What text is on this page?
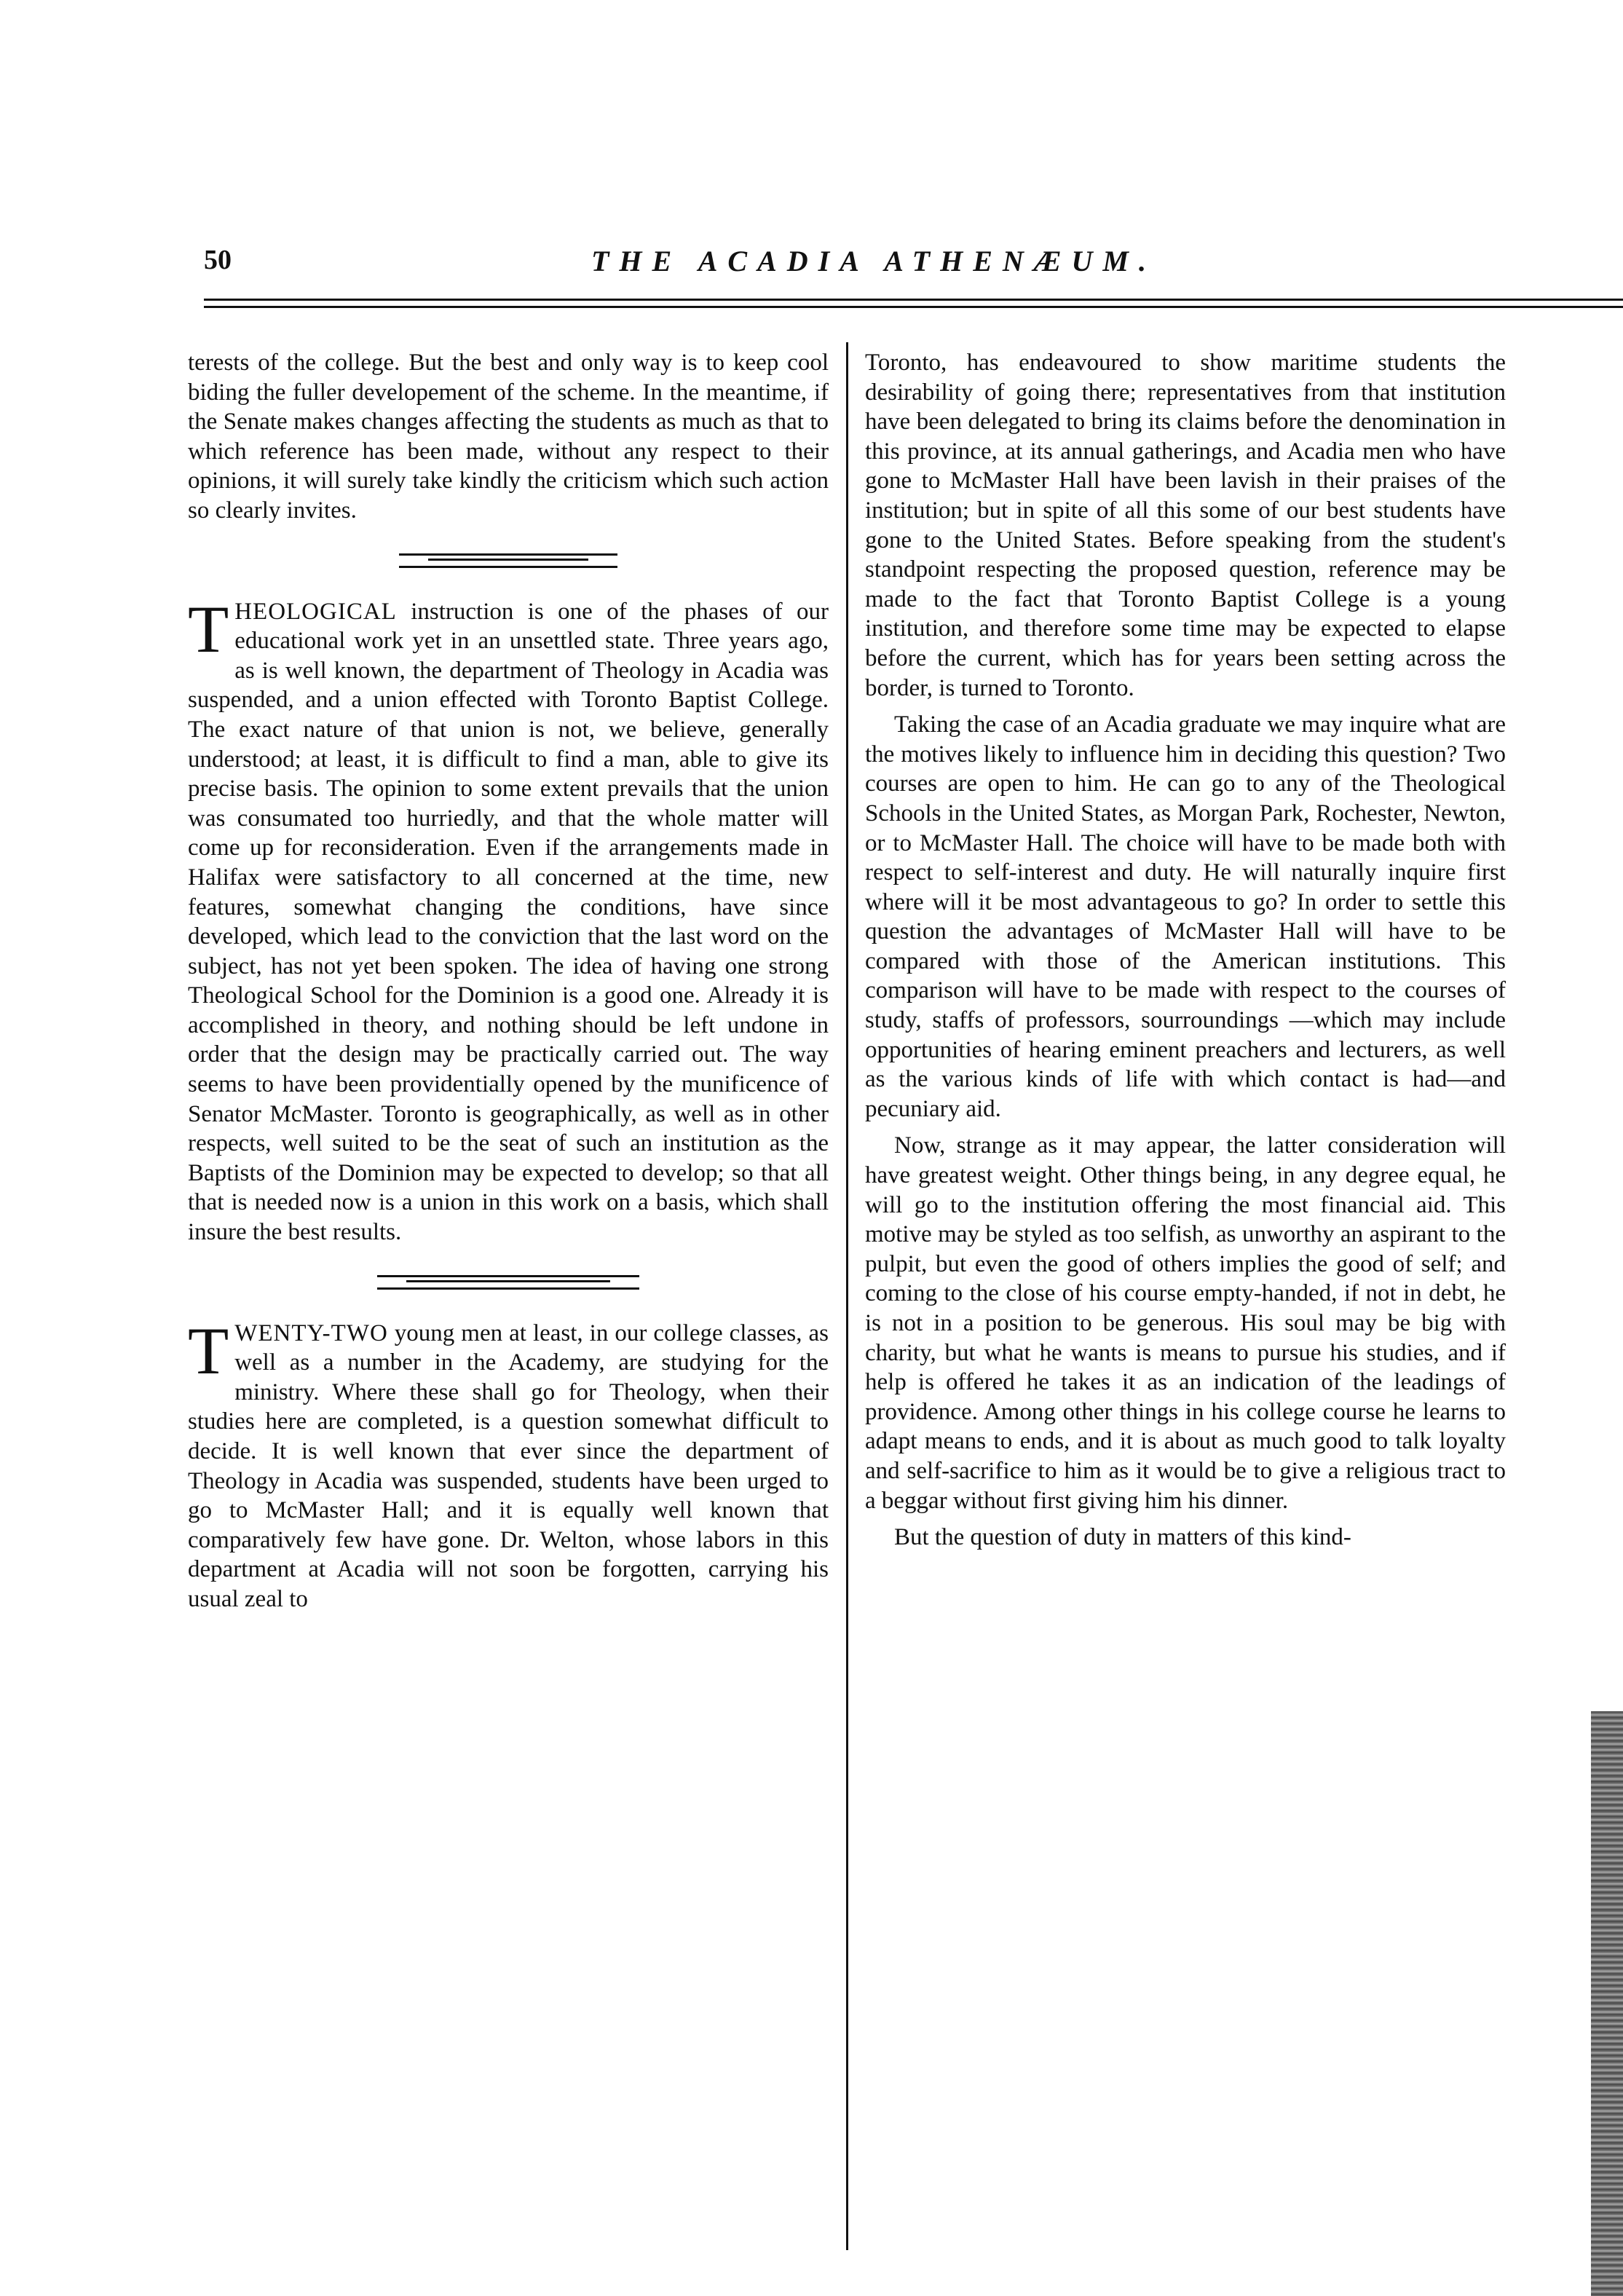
50	THE ACADIA ATHENÆUM.

terests of the college. But the best and only way is to keep cool biding the fuller developement of the scheme. In the meantime, if the Senate makes changes affecting the students as much as that to which reference has been made, without any respect to their opinions, it will surely take kindly the criticism which such action so clearly invites.

THEOLOGICAL instruction is one of the phases of our educational work yet in an unsettled state. Three years ago, as is well known, the department of Theology in Acadia was suspended, and a union effected with Toronto Baptist College. The exact nature of that union is not, we believe, generally understood; at least, it is difficult to find a man, able to give its precise basis. The opinion to some extent prevails that the union was consumated too hurriedly, and that the whole matter will come up for reconsideration. Even if the arrangements made in Halifax were satisfactory to all concerned at the time, new features, somewhat changing the conditions, have since developed, which lead to the conviction that the last word on the subject, has not yet been spoken. The idea of having one strong Theological School for the Dominion is a good one. Already it is accomplished in theory, and nothing should be left undone in order that the design may be practically carried out. The way seems to have been providentially opened by the munificence of Senator McMaster. Toronto is geographically, as well as in other respects, well suited to be the seat of such an institution as the Baptists of the Dominion may be expected to develop; so that all that is needed now is a union in this work on a basis, which shall insure the best results.

TWENTY-TWO young men at least, in our college classes, as well as a number in the Academy, are studying for the ministry. Where these shall go for Theology, when their studies here are completed, is a question somewhat difficult to decide. It is well known that ever since the department of Theology in Acadia was suspended, students have been urged to go to McMaster Hall; and it is equally well known that comparatively few have gone. Dr. Welton, whose labors in this department at Acadia will not soon be forgotten, carrying his usual zeal to

Toronto, has endeavoured to show maritime students the desirability of going there; representatives from that institution have been delegated to bring its claims before the denomination in this province, at its annual gatherings, and Acadia men who have gone to McMaster Hall have been lavish in their praises of the institution; but in spite of all this some of our best students have gone to the United States. Before speaking from the student's standpoint respecting the proposed question, reference may be made to the fact that Toronto Baptist College is a young institution, and therefore some time may be expected to elapse before the current, which has for years been setting across the border, is turned to Toronto.

Taking the case of an Acadia graduate we may inquire what are the motives likely to influence him in deciding this question? Two courses are open to him. He can go to any of the Theological Schools in the United States, as Morgan Park, Rochester, Newton, or to McMaster Hall. The choice will have to be made both with respect to self-interest and duty. He will naturally inquire first where will it be most advantageous to go? In order to settle this question the advantages of McMaster Hall will have to be compared with those of the American institutions. This comparison will have to be made with respect to the courses of study, staffs of professors, sourroundings —which may include opportunities of hearing eminent preachers and lecturers, as well as the various kinds of life with which contact is had—and pecuniary aid.

Now, strange as it may appear, the latter consideration will have greatest weight. Other things being, in any degree equal, he will go to the institution offering the most financial aid. This motive may be styled as too selfish, as unworthy an aspirant to the pulpit, but even the good of others implies the good of self; and coming to the close of his course empty-handed, if not in debt, he is not in a position to be generous. His soul may be big with charity, but what he wants is means to pursue his studies, and if help is offered he takes it as an indication of the leadings of providence. Among other things in his college course he learns to adapt means to ends, and it is about as much good to talk loyalty and self-sacrifice to him as it would be to give a religious tract to a beggar without first giving him his dinner.

But the question of duty in matters of this kind-
